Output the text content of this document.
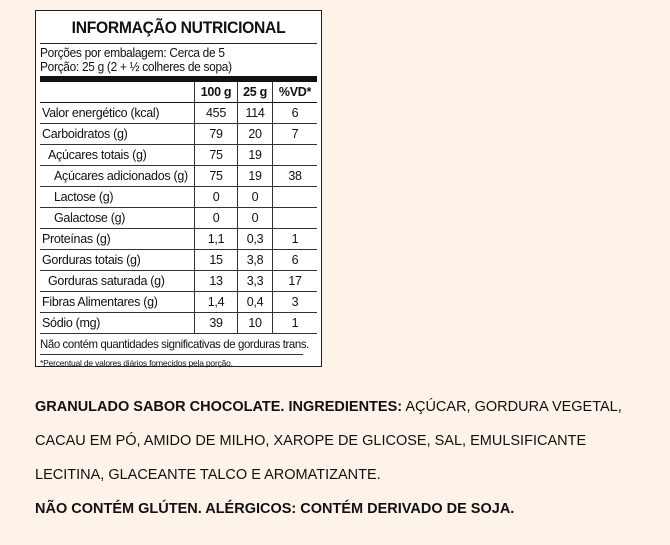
INFORMAÇÃO NUTRICIONAL
Porções por embalagem: Cerca de 5
Porção: 25 g (2 + ½ colheres de sopa)
	100 g	25 g	%VD*
Valor energético (kcal)	455	114	6
Carboidratos (g)	79	20	7
Açúcares totais (g)	75	19	
Açúcares adicionados (g)	75	19	38
Lactose (g)	0	0	
Galactose (g)	0	0	
Proteínas (g)	1,1	0,3	1
Gorduras totais (g)	15	3,8	6
Gorduras saturada (g)	13	3,3	17
Fibras Alimentares (g)	1,4	0,4	3
Sódio (mg)	39	10	1
Não contém quantidades significativas de gorduras trans.
*Percentual de valores diários fornecidos pela porção.
GRANULADO SABOR CHOCOLATE. INGREDIENTES: AÇÚCAR, GORDURA VEGETAL,
CACAU EM PÓ, AMIDO DE MILHO, XAROPE DE GLICOSE, SAL, EMULSIFICANTE
LECITINA, GLACEANTE TALCO E AROMATIZANTE.
NÃO CONTÉM GLÚTEN. ALÉRGICOS: CONTÉM DERIVADO DE SOJA.
